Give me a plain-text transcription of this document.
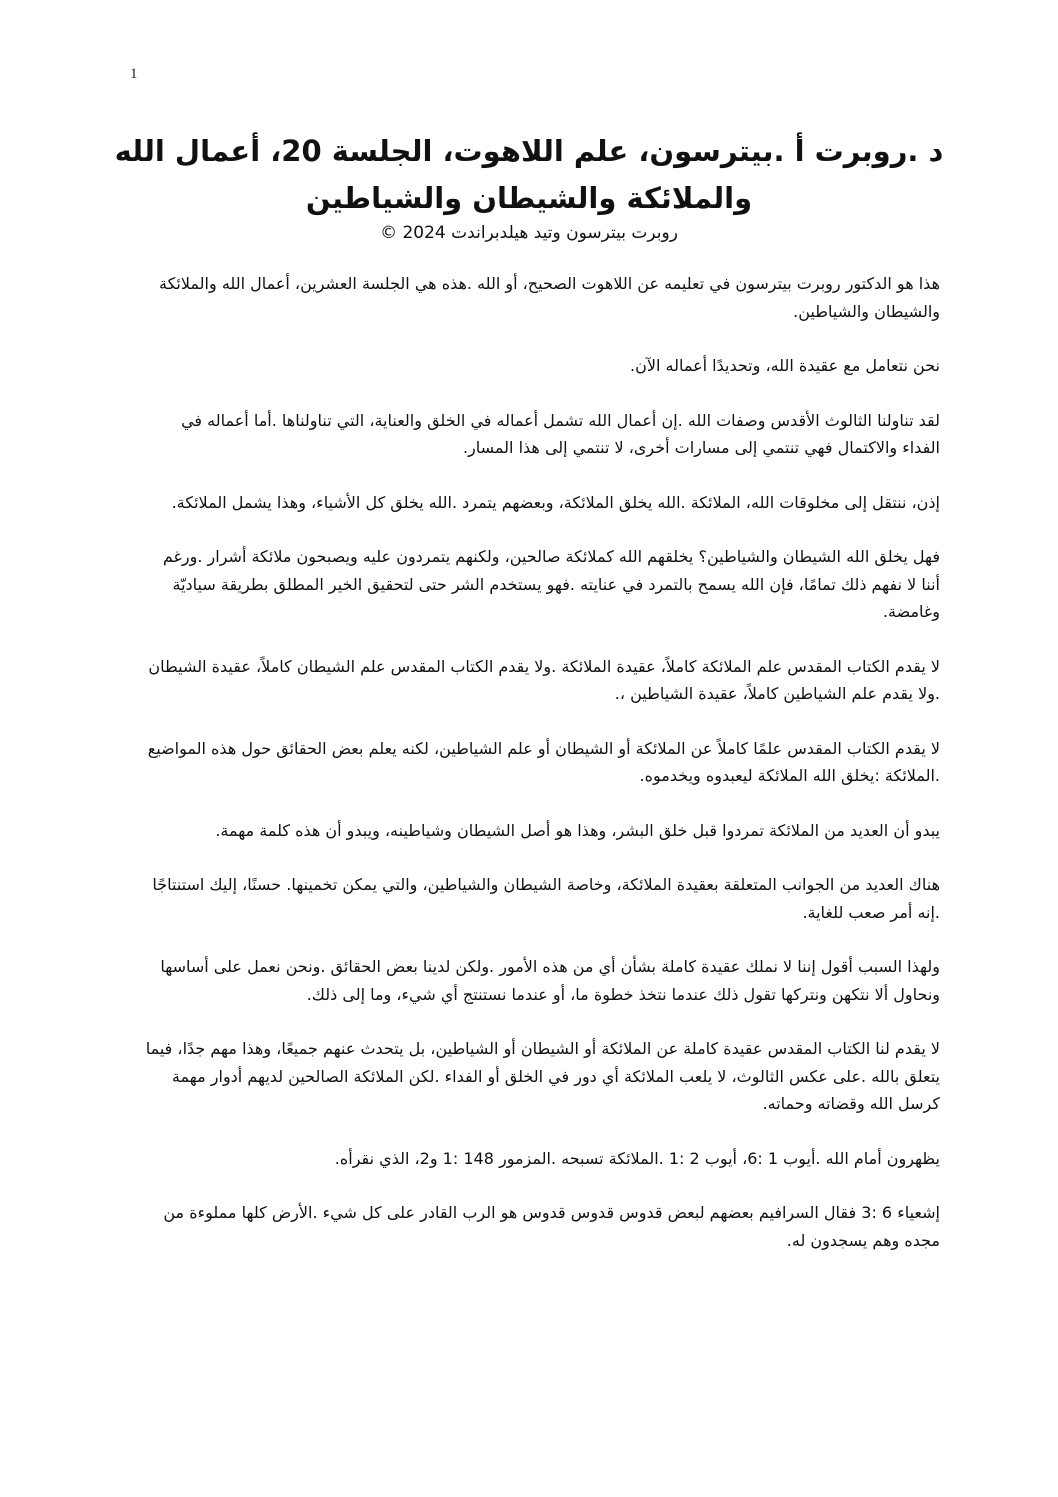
1
د .روبرت أ .بيترسون، علم اللاهوت، الجلسة 20، أعمال الله والملائكة والشيطان والشياطين
روبرت بيترسون وتيد هيلدبراندت 2024 ©

هذا هو الدكتور روبرت بيترسون في تعليمه عن اللاهوت الصحيح، أو الله .هذه هي الجلسة العشرين، أعمال الله والملائكة والشيطان والشياطين.

نحن نتعامل مع عقيدة الله، وتحديدًا أعماله الآن.

لقد تناولنا الثالوث الأقدس وصفات الله .إن أعمال الله تشمل أعماله في الخلق والعناية، التي تناولناها .أما أعماله في الفداء والاكتمال فهي تنتمي إلى مسارات أخرى، لا تنتمي إلى هذا المسار.

إذن، ننتقل إلى مخلوقات الله، الملائكة .الله يخلق الملائكة، وبعضهم يتمرد .الله يخلق كل الأشياء، وهذا يشمل الملائكة.

فهل يخلق الله الشيطان والشياطين؟ يخلقهم الله كملائكة صالحين، ولكنهم يتمردون عليه ويصبحون ملائكة أشرار .ورغم أننا لا نفهم ذلك تمامًا، فإن الله يسمح بالتمرد في عنايته .فهو يستخدم الشر حتى لتحقيق الخير المطلق بطريقة سياديّة وغامضة.

لا يقدم الكتاب المقدس علم الملائكة كاملاً، عقيدة الملائكة .ولا يقدم الكتاب المقدس علم الشيطان كاملاً، عقيدة الشيطان .ولا يقدم علم الشياطين كاملاً، عقيدة الشياطين ،.

لا يقدم الكتاب المقدس علمًا كاملاً عن الملائكة أو الشيطان أو علم الشياطين، لكنه يعلم بعض الحقائق حول هذه المواضيع .الملائكة :يخلق الله الملائكة ليعبدوه ويخدموه.

يبدو أن العديد من الملائكة تمردوا قبل خلق البشر، وهذا هو أصل الشيطان وشياطينه، ويبدو أن هذه كلمة مهمة.

هناك العديد من الجوانب المتعلقة بعقيدة الملائكة، وخاصة الشيطان والشياطين، والتي يمكن تخمينها. حسنًا، إليك استنتاجًا .إنه أمر صعب للغاية.

ولهذا السبب أقول إننا لا نملك عقيدة كاملة بشأن أي من هذه الأمور .ولكن لدينا بعض الحقائق .ونحن نعمل على أساسها ونحاول ألا نتكهن ونتركها تقول ذلك عندما نتخذ خطوة ما، أو عندما نستنتج أي شيء، وما إلى ذلك.

لا يقدم لنا الكتاب المقدس عقيدة كاملة عن الملائكة أو الشيطان أو الشياطين، بل يتحدث عنهم جميعًا، وهذا مهم جدًا، فيما يتعلق بالله .على عكس الثالوث، لا يلعب الملائكة أي دور في الخلق أو الفداء .لكن الملائكة الصالحين لديهم أدوار مهمة كرسل الله وقضاته وحماته.

يظهرون أمام الله .أيوب 1 :6، أيوب 2 :1 .الملائكة تسبحه .المزمور 148 :1 و2، الذي نقرأه.

إشعياء 6 :3 فقال السرافيم بعضهم لبعض قدوس قدوس قدوس هو الرب القادر على كل شيء .الأرض كلها مملوءة من مجده وهم يسجدون له.
